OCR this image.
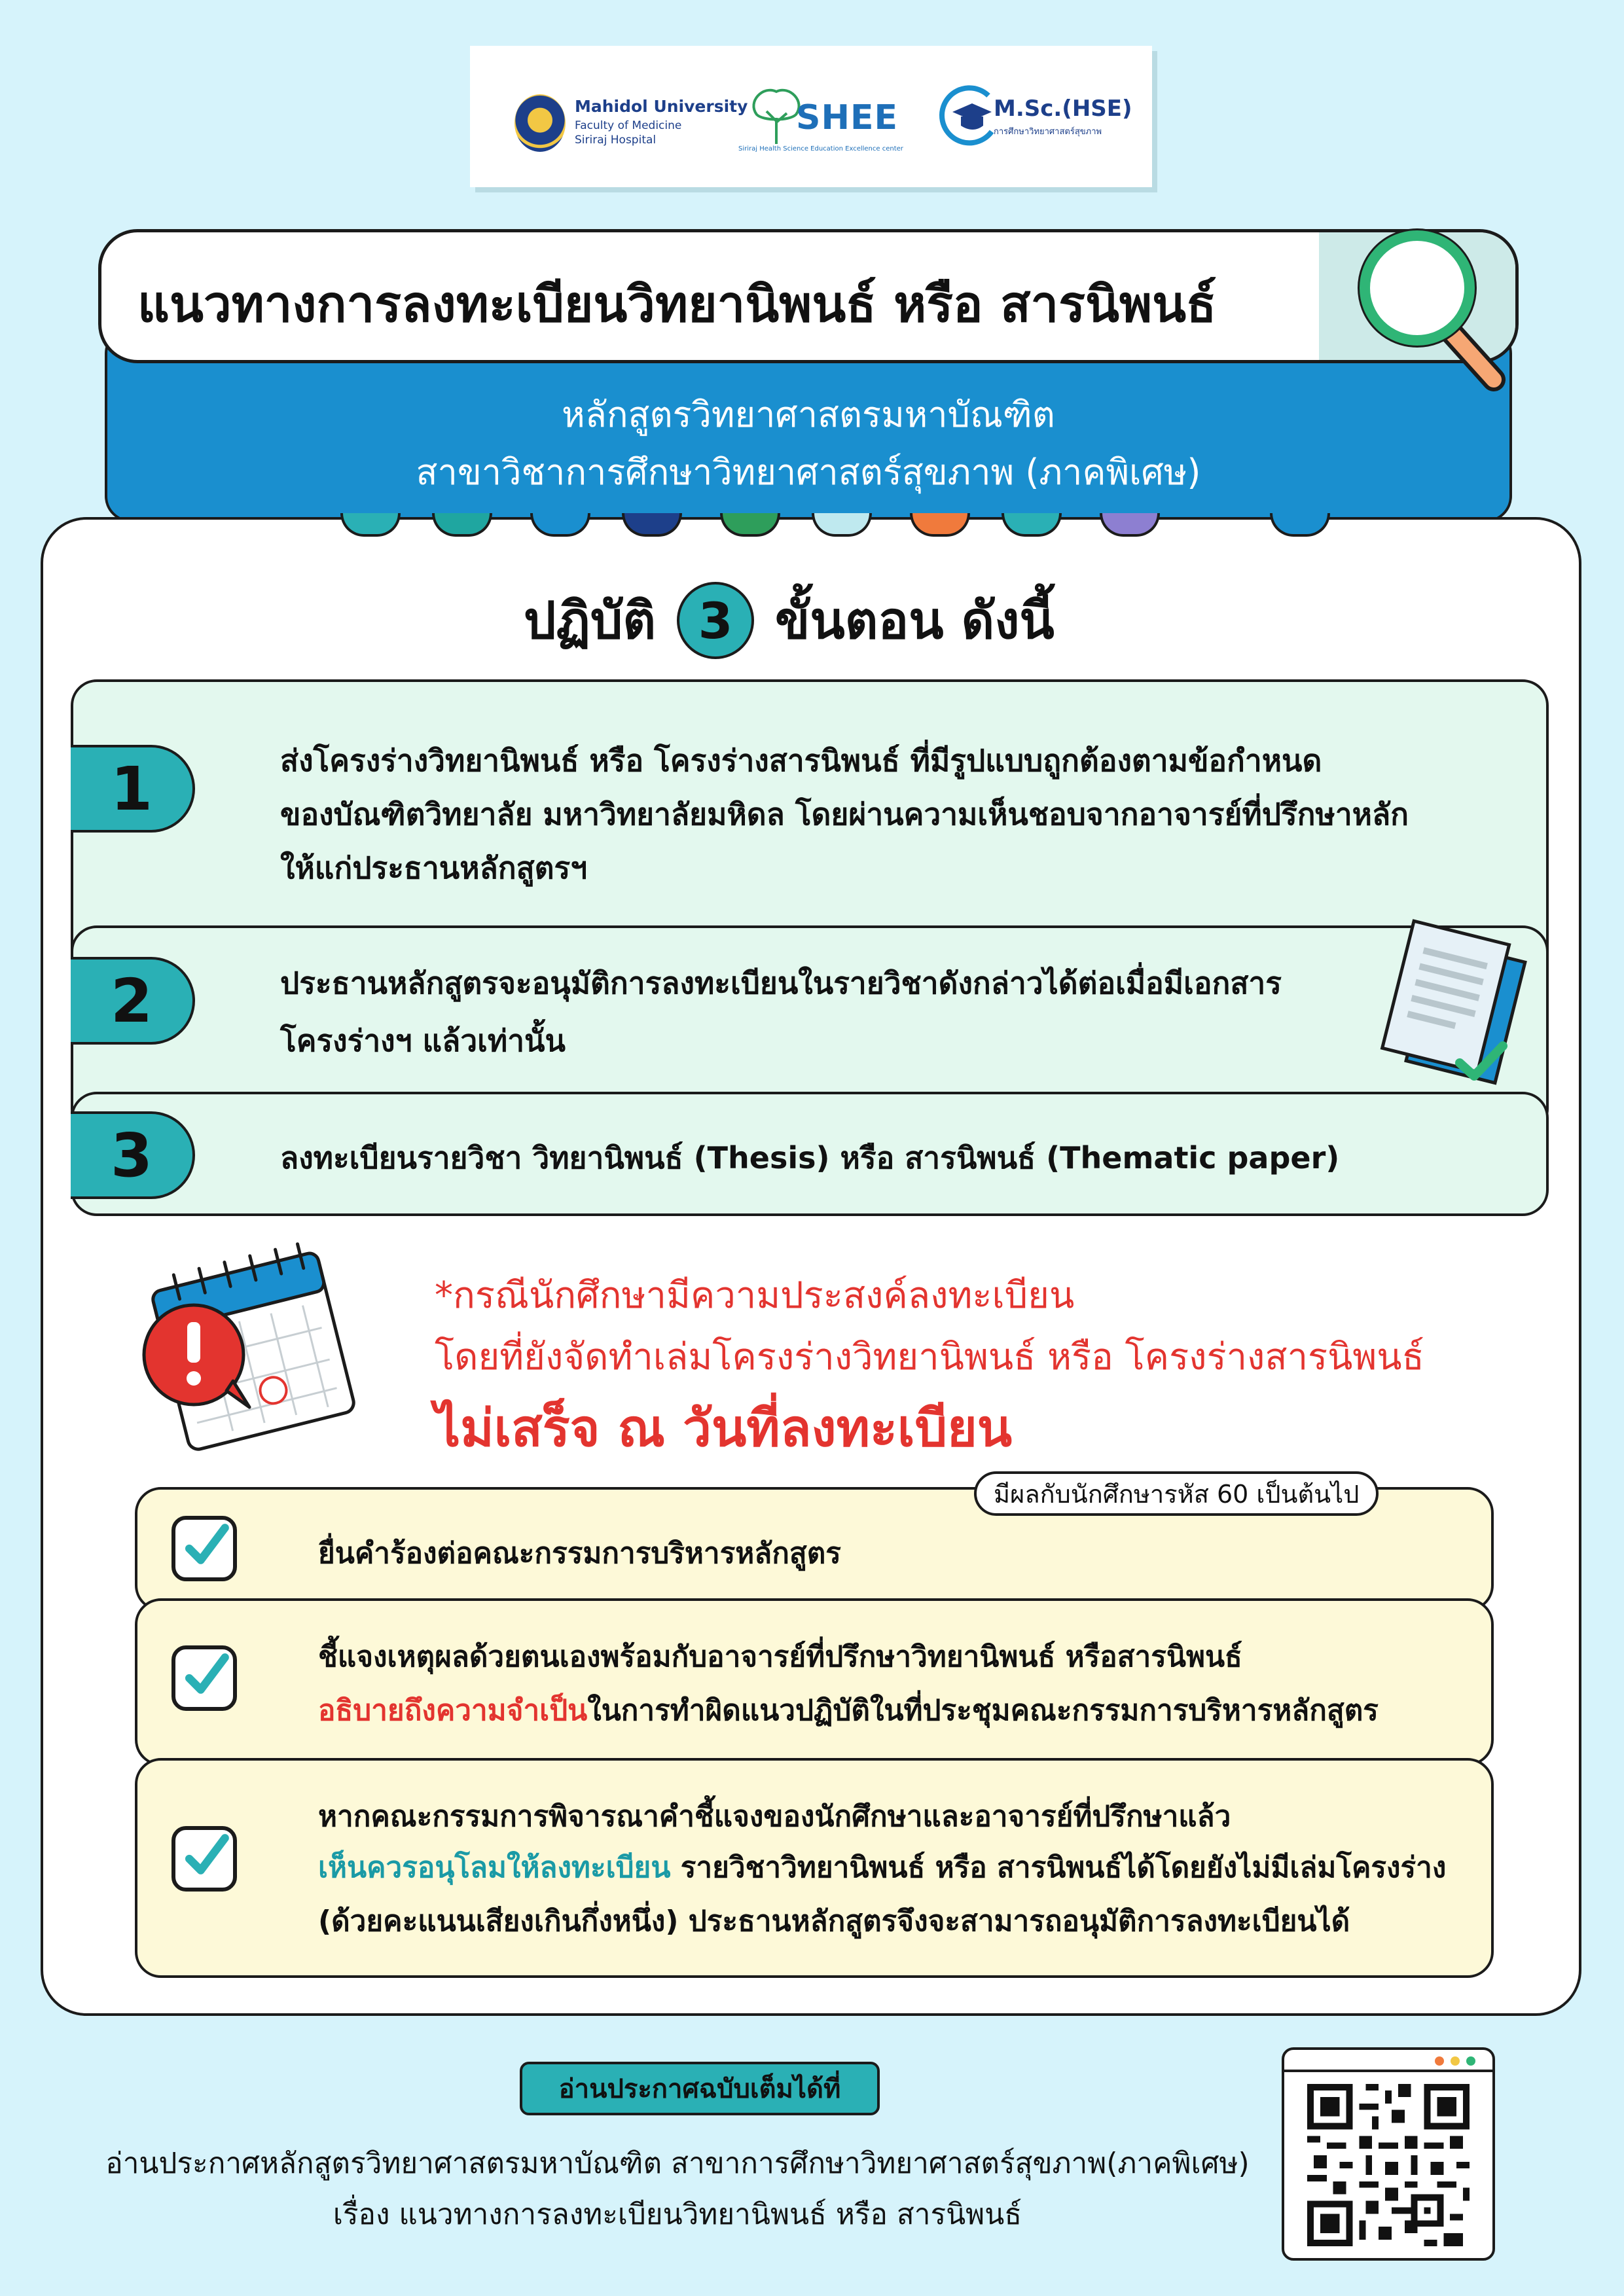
Mahidol University
Faculty of Medicine
Siriraj Hospital
SHEE
Siriraj Health Science Education Excellence center
M.Sc.(HSE)
การศึกษาวิทยาศาสตร์สุขภาพ
หลักสูตรวิทยาศาสตรมหาบัณฑิต
สาขาวิชาการศึกษาวิทยาศาสตร์สุขภาพ (ภาคพิเศษ)
แนวทางการลงทะเบียนวิทยานิพนธ์ หรือ สารนิพนธ์
ปฏิบัติ 3 ขั้นตอน ดังนี้
1
2
3
ส่งโครงร่างวิทยานิพนธ์ หรือ โครงร่างสารนิพนธ์ ที่มีรูปแบบถูกต้องตามข้อกำหนด
ของบัณฑิตวิทยาลัย มหาวิทยาลัยมหิดล โดยผ่านความเห็นชอบจากอาจารย์ที่ปรึกษาหลัก
ให้แก่ประธานหลักสูตรฯ
ประธานหลักสูตรจะอนุมัติการลงทะเบียนในรายวิชาดังกล่าวได้ต่อเมื่อมีเอกสาร
โครงร่างฯ แล้วเท่านั้น
ลงทะเบียนรายวิชา วิทยานิพนธ์ (Thesis) หรือ สารนิพนธ์ (Thematic paper)
*กรณีนักศึกษามีความประสงค์ลงทะเบียน
โดยที่ยังจัดทำเล่มโครงร่างวิทยานิพนธ์ หรือ โครงร่างสารนิพนธ์
ไม่เสร็จ ณ วันที่ลงทะเบียน
มีผลกับนักศึกษารหัส 60 เป็นต้นไป
ยื่นคำร้องต่อคณะกรรมการบริหารหลักสูตร
ชี้แจงเหตุผลด้วยตนเองพร้อมกับอาจารย์ที่ปรึกษาวิทยานิพนธ์ หรือสารนิพนธ์
อธิบายถึงความจำเป็นในการทำผิดแนวปฏิบัติในที่ประชุมคณะกรรมการบริหารหลักสูตร
หากคณะกรรมการพิจารณาคำชี้แจงของนักศึกษาและอาจารย์ที่ปรึกษาแล้ว
เห็นควรอนุโลมให้ลงทะเบียน รายวิชาวิทยานิพนธ์ หรือ สารนิพนธ์ได้โดยยังไม่มีเล่มโครงร่าง
(ด้วยคะแนนเสียงเกินกึ่งหนึ่ง) ประธานหลักสูตรจึงจะสามารถอนุมัติการลงทะเบียนได้
อ่านประกาศฉบับเต็มได้ที่
อ่านประกาศหลักสูตรวิทยาศาสตรมหาบัณฑิต สาขาการศึกษาวิทยาศาสตร์สุขภาพ(ภาคพิเศษ)
เรื่อง แนวทางการลงทะเบียนวิทยานิพนธ์ หรือ สารนิพนธ์
